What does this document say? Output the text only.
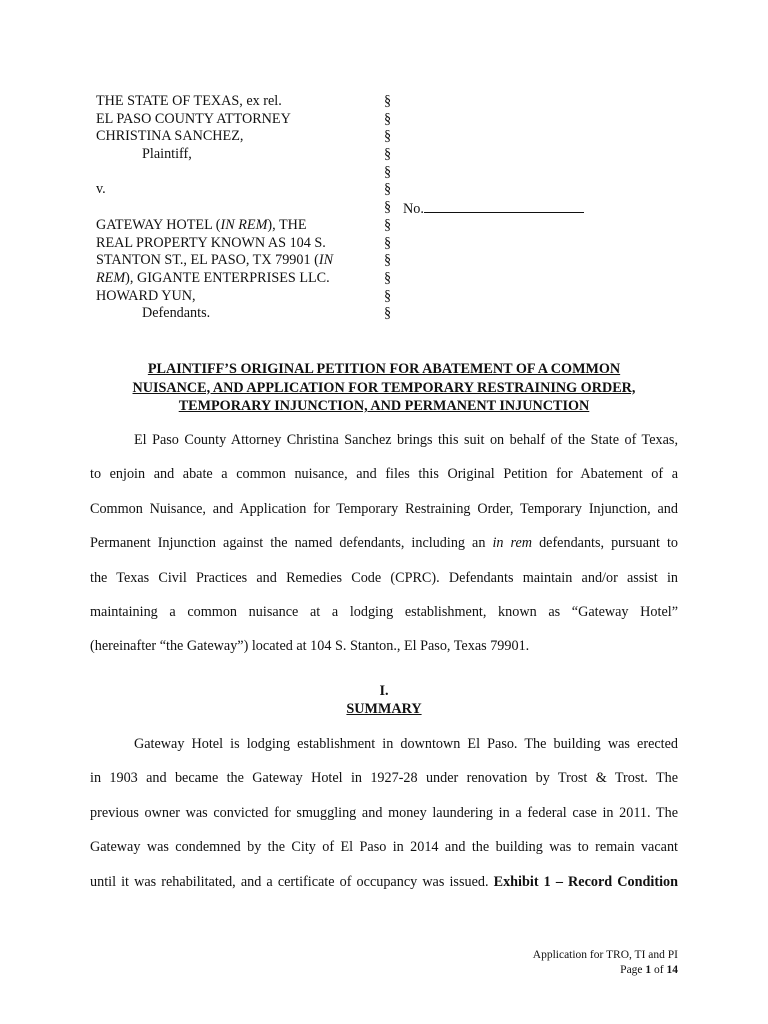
THE STATE OF TEXAS, ex rel.
EL PASO COUNTY ATTORNEY
CHRISTINA SANCHEZ,
Plaintiff,
v.
GATEWAY HOTEL (IN REM), THE
REAL PROPERTY KNOWN AS 104 S.
STANTON ST., EL PASO, TX 79901 (IN
REM), GIGANTE ENTERPRISES LLC.
HOWARD YUN,
Defendants.
§
§
§
§
§
§
§
§
§
§
§
§
§
No.
PLAINTIFF’S ORIGINAL PETITION FOR ABATEMENT OF A COMMON
NUISANCE, AND APPLICATION FOR TEMPORARY RESTRAINING ORDER,
TEMPORARY INJUNCTION, AND PERMANENT INJUNCTION
El Paso County Attorney Christina Sanchez brings this suit on behalf of the State of Texas,
to enjoin and abate a common nuisance, and files this Original Petition for Abatement of a
Common Nuisance, and Application for Temporary Restraining Order, Temporary Injunction, and
Permanent Injunction against the named defendants, including an in rem defendants, pursuant to
the Texas Civil Practices and Remedies Code (CPRC). Defendants maintain and/or assist in
maintaining a common nuisance at a lodging establishment, known as “Gateway Hotel”
(hereinafter “the Gateway”) located at 104 S. Stanton., El Paso, Texas 79901.
I.
SUMMARY
Gateway Hotel is lodging establishment in downtown El Paso. The building was erected
in 1903 and became the Gateway Hotel in 1927-28 under renovation by Trost & Trost. The
previous owner was convicted for smuggling and money laundering in a federal case in 2011. The
Gateway was condemned by the City of El Paso in 2014 and the building was to remain vacant
until it was rehabilitated, and a certificate of occupancy was issued. Exhibit 1 – Record Condition
Application for TRO, TI and PI
Page 1 of 14
